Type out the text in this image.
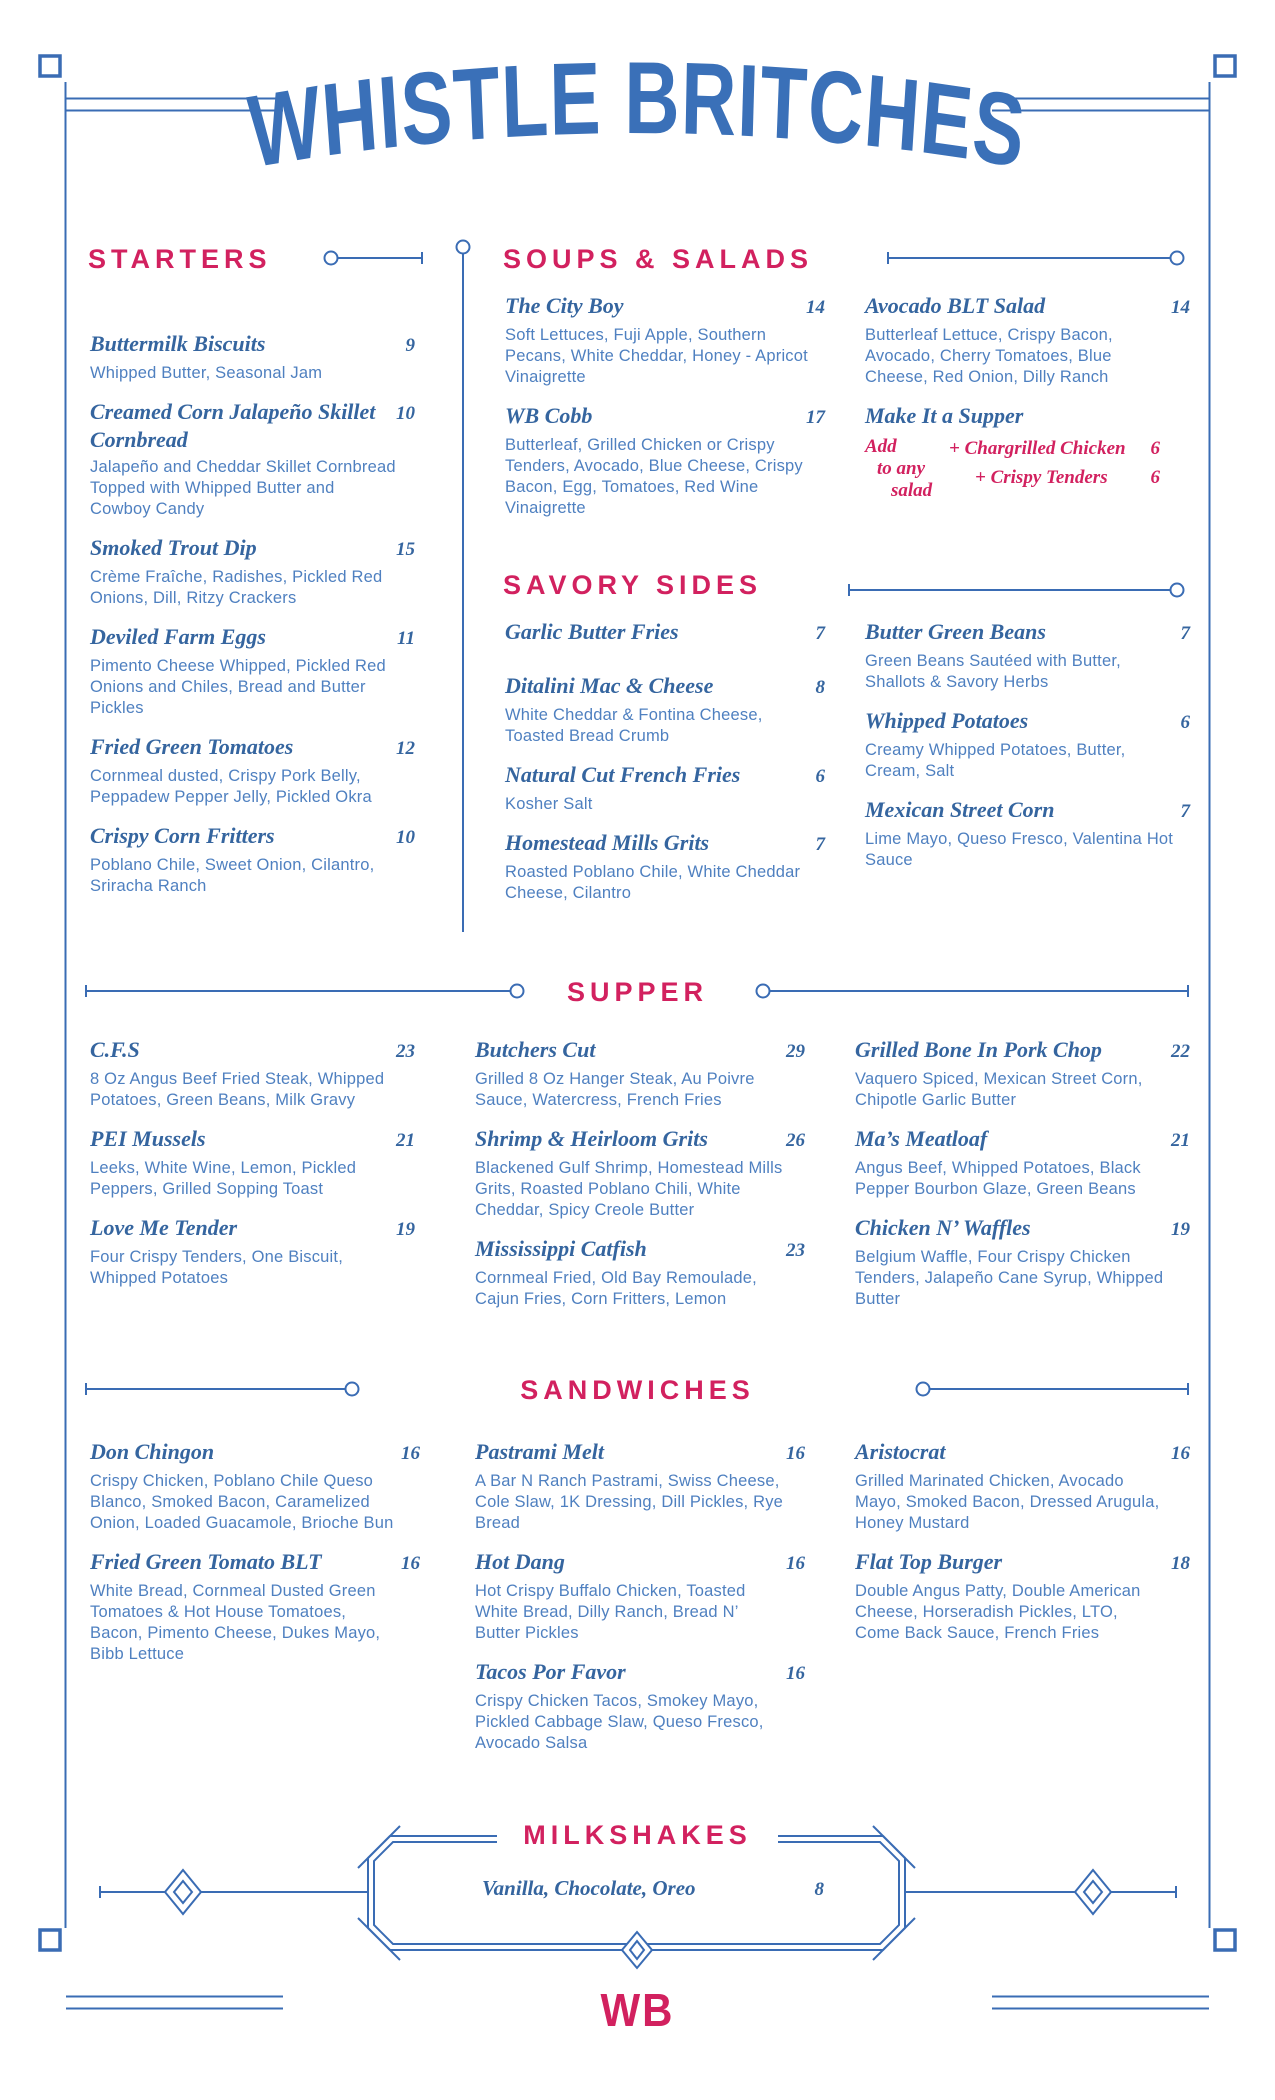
WHISTLE BRITCHES
STARTERS	SOUPS & SALADS
SAVORY SIDES
SUPPER
SANDWICHES
MILKSHAKES
Buttermilk Biscuits	9
Whipped Butter, Seasonal Jam
Creamed Corn Jalapeño Skillet Cornbread
10
Jalapeño and Cheddar Skillet Cornbread Topped with Whipped Butter and Cowboy Candy
Smoked Trout Dip	15
Crème Fraîche, Radishes, Pickled Red Onions, Dill, Ritzy Crackers
Deviled Farm Eggs	11
Pimento Cheese Whipped, Pickled Red Onions and Chiles, Bread and Butter Pickles
Fried Green Tomatoes	12
Cornmeal dusted, Crispy Pork Belly, Peppadew Pepper Jelly, Pickled Okra
Crispy Corn Fritters	10
Poblano Chile, Sweet Onion, Cilantro, Sriracha Ranch
The City Boy	14
Soft Lettuces, Fuji Apple, Southern Pecans, White Cheddar, Honey - Apricot Vinaigrette
WB Cobb	17
Butterleaf, Grilled Chicken or Crispy Tenders, Avocado, Blue Cheese, Crispy Bacon, Egg, Tomatoes, Red Wine Vinaigrette
Avocado BLT Salad	14
Butterleaf Lettuce, Crispy Bacon, Avocado, Cherry Tomatoes, Blue Cheese, Red Onion, Dilly Ranch
Make It a Supper
Add
to any
salad
+ Chargrilled Chicken 6
+ Crispy Tenders 6
Garlic Butter Fries	7
Ditalini Mac & Cheese	8
White Cheddar & Fontina Cheese, Toasted Bread Crumb
Natural Cut French Fries	6
Kosher Salt
Homestead Mills Grits	7
Roasted Poblano Chile, White Cheddar Cheese, Cilantro
Butter Green Beans	7
Green Beans Sautéed with Butter, Shallots & Savory Herbs
Whipped Potatoes	6
Creamy Whipped Potatoes, Butter, Cream, Salt
Mexican Street Corn	7
Lime Mayo, Queso Fresco, Valentina Hot Sauce
C.F.S	23
8 Oz Angus Beef Fried Steak, Whipped Potatoes, Green Beans, Milk Gravy
PEI Mussels	21
Leeks, White Wine, Lemon, Pickled Peppers, Grilled Sopping Toast
Love Me Tender	19
Four Crispy Tenders, One Biscuit, Whipped Potatoes
Butchers Cut	29
Grilled 8 Oz Hanger Steak, Au Poivre Sauce, Watercress, French Fries
Shrimp & Heirloom Grits	26
Blackened Gulf Shrimp, Homestead Mills Grits, Roasted Poblano Chili, White Cheddar, Spicy Creole Butter
Mississippi Catfish	23
Cornmeal Fried, Old Bay Remoulade, Cajun Fries, Corn Fritters, Lemon
Grilled Bone In Pork Chop	22
Vaquero Spiced, Mexican Street Corn, Chipotle Garlic Butter
Ma’s Meatloaf	21
Angus Beef, Whipped Potatoes, Black Pepper Bourbon Glaze, Green Beans
Chicken N’ Waffles	19
Belgium Waffle, Four Crispy Chicken Tenders, Jalapeño Cane Syrup, Whipped Butter
Don Chingon	16
Crispy Chicken, Poblano Chile Queso Blanco, Smoked Bacon, Caramelized Onion, Loaded Guacamole, Brioche Bun
Fried Green Tomato BLT	16
White Bread, Cornmeal Dusted Green Tomatoes & Hot House Tomatoes, Bacon, Pimento Cheese, Dukes Mayo, Bibb Lettuce
Pastrami Melt	16
A Bar N Ranch Pastrami, Swiss Cheese, Cole Slaw, 1K Dressing, Dill Pickles, Rye Bread
Hot Dang	16
Hot Crispy Buffalo Chicken, Toasted White Bread, Dilly Ranch, Bread N’ Butter Pickles
Tacos Por Favor	16
Crispy Chicken Tacos, Smokey Mayo, Pickled Cabbage Slaw, Queso Fresco, Avocado Salsa
Aristocrat	16
Grilled Marinated Chicken, Avocado Mayo, Smoked Bacon, Dressed Arugula, Honey Mustard
Flat Top Burger	18
Double Angus Patty, Double American Cheese, Horseradish Pickles, LTO, Come Back Sauce, French Fries
Vanilla, Chocolate, Oreo	8
WB
